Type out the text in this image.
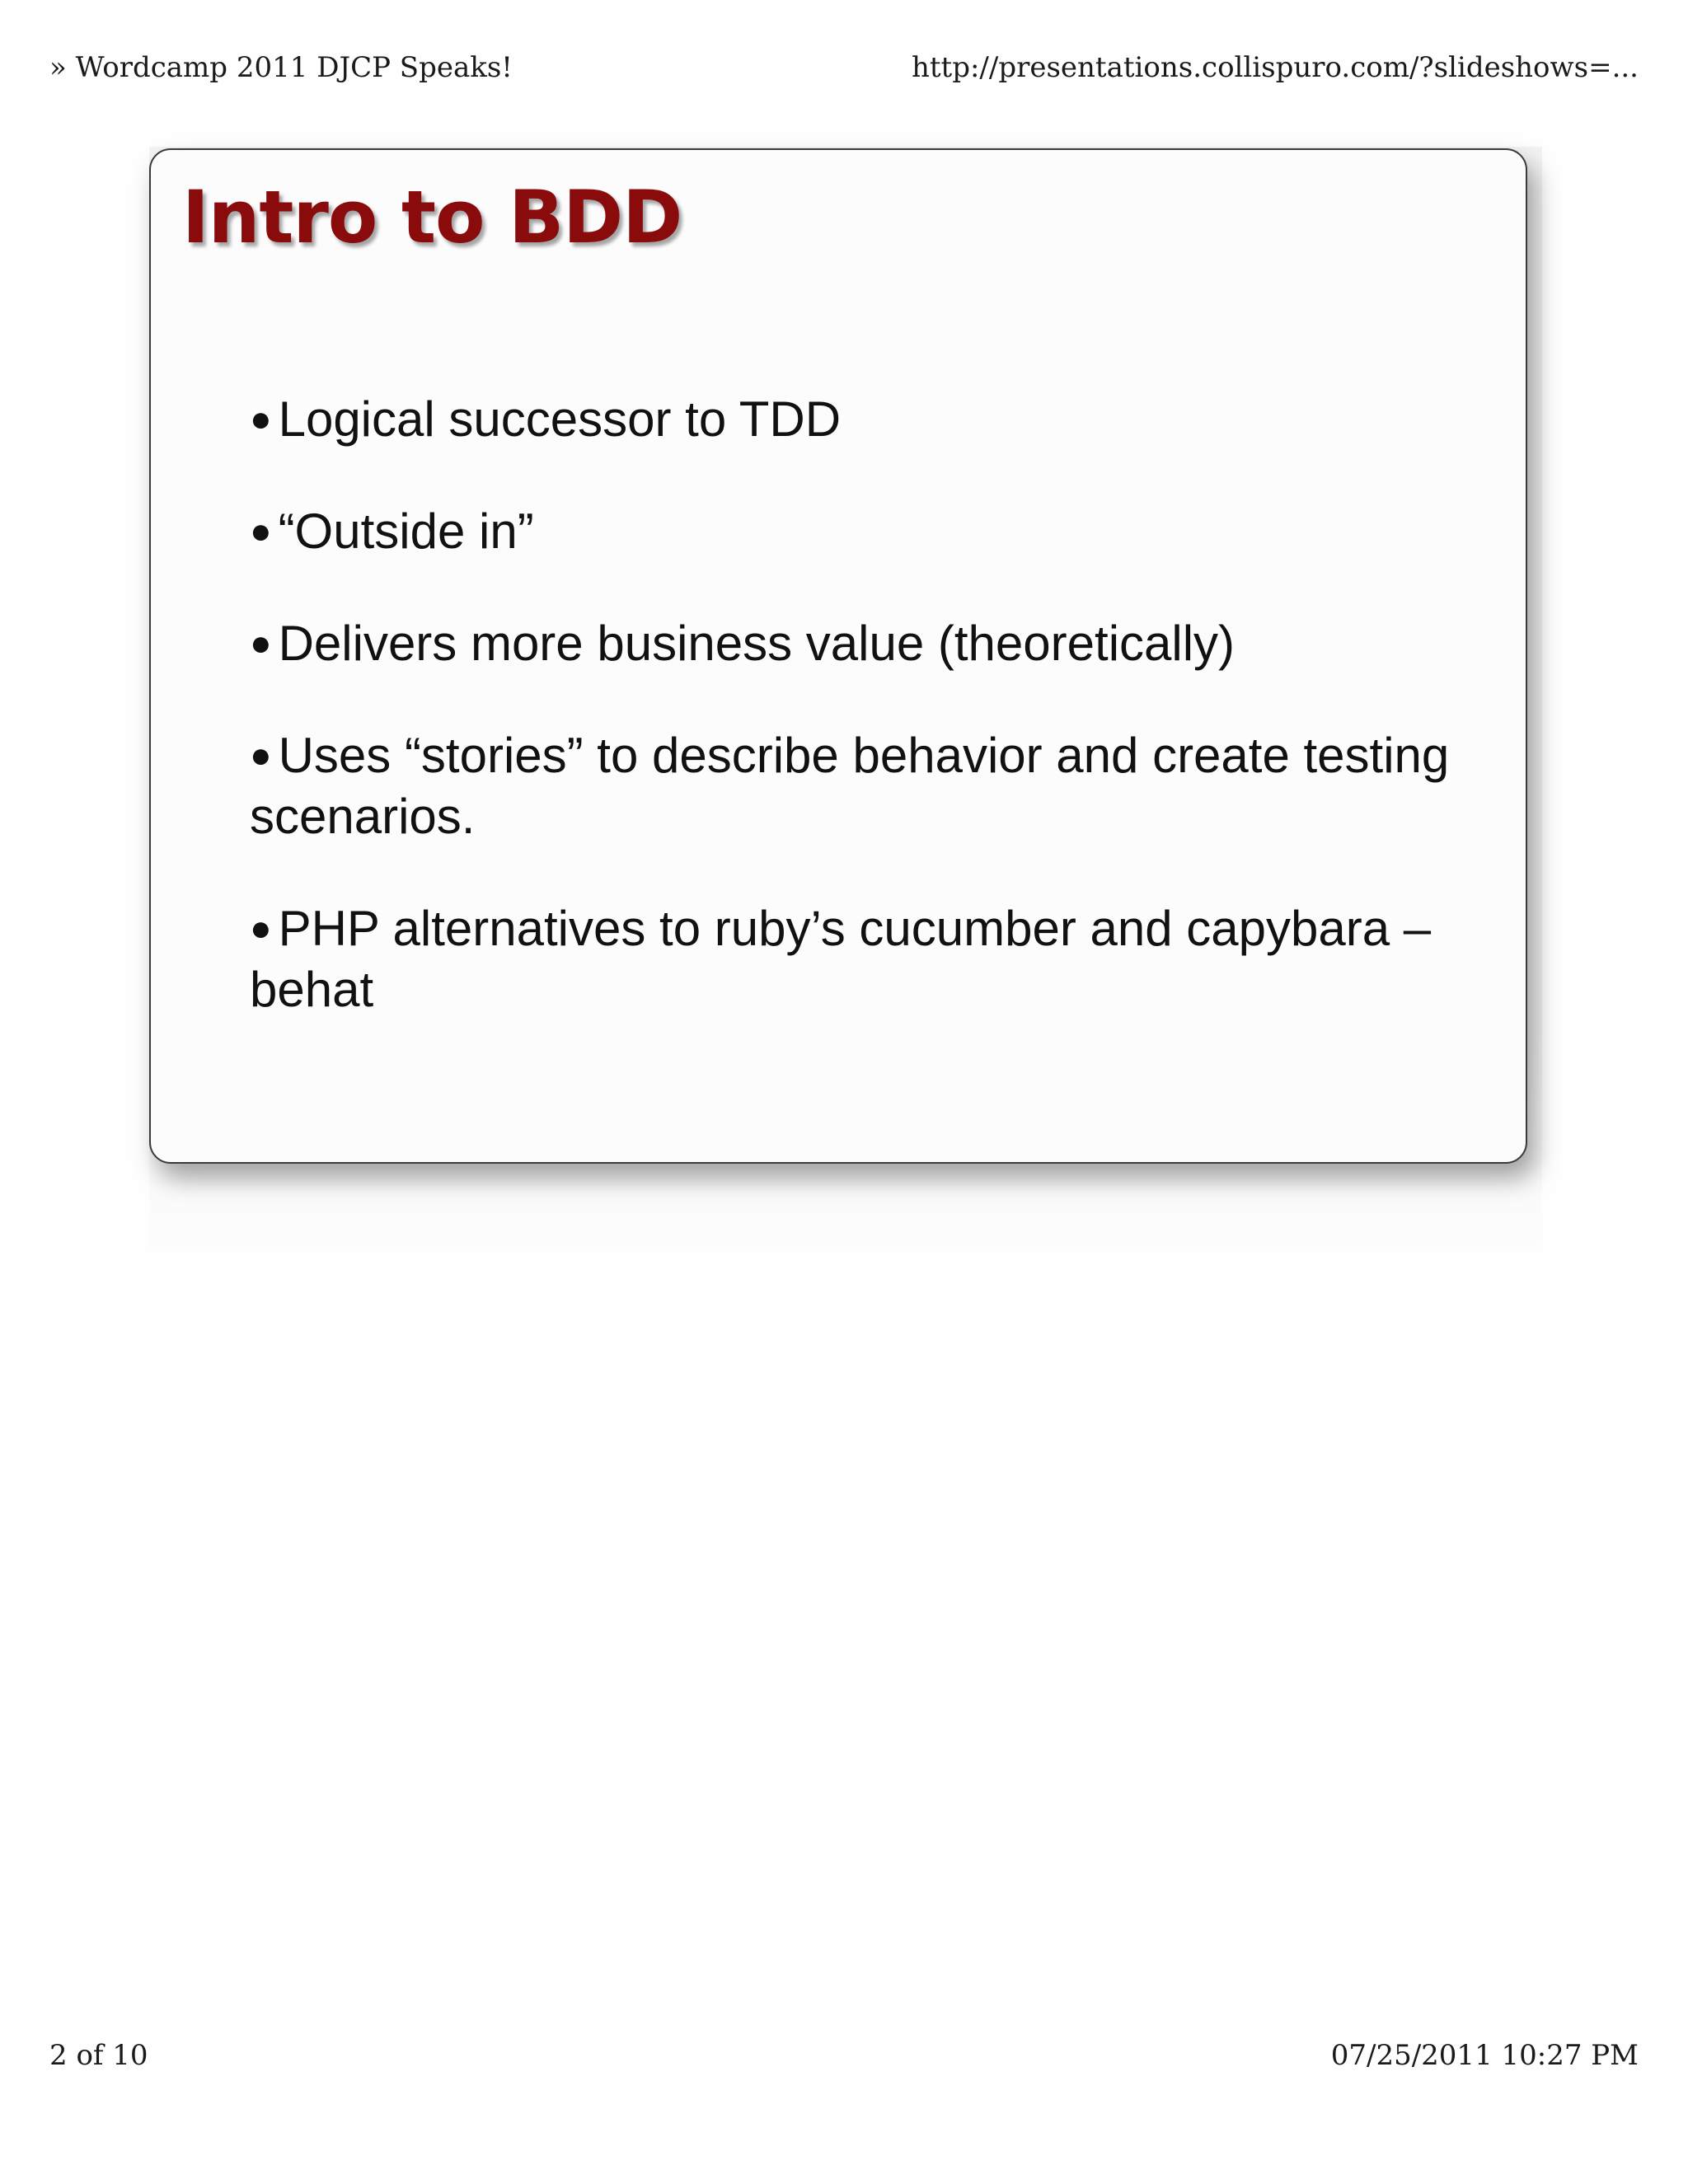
» Wordcamp 2011 DJCP Speaks!	http://presentations.collispuro.com/?slideshows=...
Intro to BDD
● Logical successor to TDD
● “Outside in”
● Delivers more business value (theoretically)
● Uses “stories” to describe behavior and create testing scenarios.
● PHP alternatives to ruby’s cucumber and capybara – behat
2 of 10	07/25/2011 10:27 PM
